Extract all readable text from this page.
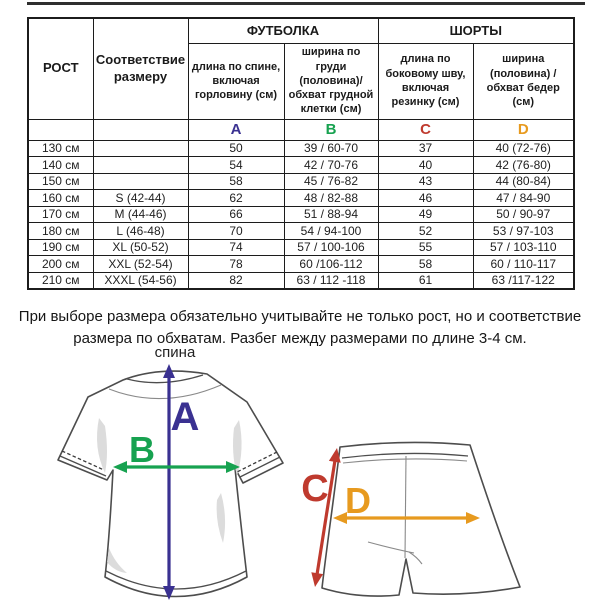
РОСТ	Соответствие размеру	ФУТБОЛКА		ШОРТЫ	
		длина по спине, включая горловину (см)	ширина по груди (половина)/обхват грудной клетки (см)	длина по боковому шву, включая резинку (см)	ширина (половина) / обхват бедер (см)
		A	B	C	D
130 см		50	39 / 60-70	37	40 (72-76)
140 см		54	42 / 70-76	40	42 (76-80)
150 см		58	45 / 76-82	43	44 (80-84)
160 см	S (42-44)	62	48 / 82-88	46	47 / 84-90
170 см	M (44-46)	66	51 / 88-94	49	50 / 90-97
180 см	L (46-48)	70	54 / 94-100	52	53 / 97-103
190 см	XL (50-52)	74	57 / 100-106	55	57 / 103-110
200 см	XXL (52-54)	78	60 /106-112	58	60 / 110-117
210 см	XXXL (54-56)	82	63 / 112 -118	61	63 /117-122
При выборе размера обязательно учитывайте не только рост, но и соответствие
размера по обхватам. Разбег между размерами по длине 3-4 см.
спина
A
B
C D
